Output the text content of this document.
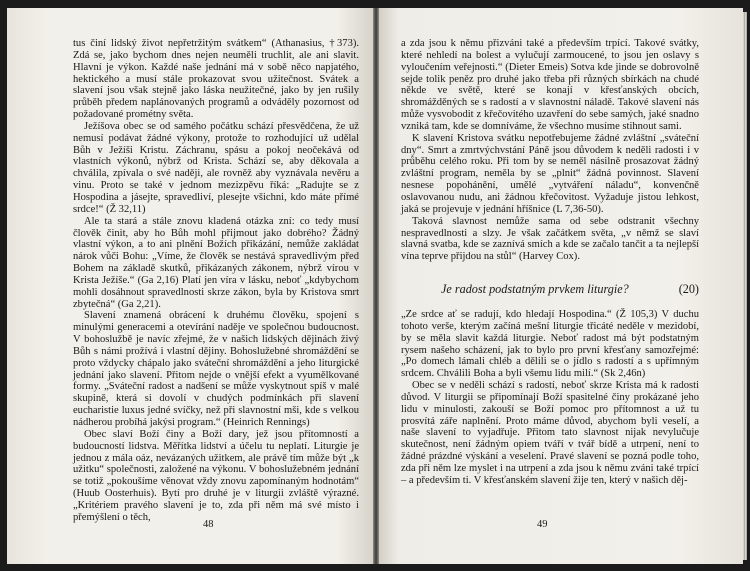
tus činí lidský život nepřetržitým svátkem“ (Athanasius, †373). Zdá se, jako bychom dnes nejen neuměli truchlit, ale ani slavit. Hlavní je výkon. Každé naše jednání má v sobě něco napjatého, hektického a musí stále prokazovat svou užitečnost. Svátek a slavení jsou však stejně jako láska neužitečné, jako by jen rušily průběh předem naplánovaných programů a odváděly pozornost od požadované prométny světa.

Ježíšova obec se od samého počátku schází přesvědčena, že už nemusí podávat žádné výkony, protože to rozhodující už udělal Bůh v Ježíši Kristu. Záchranu, spásu a pokoj neočekává od vlastních výkonů, nýbrž od Krista. Schází se, aby děkovala a chválila, zpívala o své naději, ale rovněž aby vyznávala nevěru a vinu. Proto se také v jednom mezizpěvu říká: „Radujte se z Hospodina a jásejte, spravedliví, plesejte všichni, kdo máte přímé srdce!“ (Ž 32,11)

Ale ta stará a stále znovu kladená otázka zní: co tedy musí člověk činit, aby ho Bůh mohl přijmout jako dobrého? Žádný vlastní výkon, a to ani plnění Božích přikázání, nemůže zakládat nárok vůči Bohu: „Víme, že člověk se nestává spravedlivým před Bohem na základě skutků, přikázaných zákonem, nýbrž vírou v Krista Ježíše.“ (Ga 2,16) Platí jen víra v lásku, neboť „kdybychom mohli dosáhnout spravedlnosti skrze zákon, byla by Kristova smrt zbytečná“ (Ga 2,21).

Slavení znamená obrácení k druhému člověku, spojení s minulými generacemi a otevírání naděje ve společnou budoucnost. V bohoslužbě je navíc zřejmé, že v našich lidských dějinách živý Bůh s námi prožívá i vlastní dějiny. Bohoslužebné shromáždění se proto vždycky chápalo jako sváteční shromáždění a jeho liturgické jednání jako slavení. Přitom nejde o vnější efekt a vyumělkované formy. „Sváteční radost a nadšení se může vyskytnout spíš v malé skupině, která si dovolí v chudých podmínkách při slavení eucharistie luxus jedné svíčky, než při slavnostní mši, kde s velkou nádherou probíhá jakýsi program.“ (Heinrich Rennings)

Obec slaví Boží činy a Boží dary, jež jsou přítomností a budoucností lidstva. Měřítka lidství a účelu tu neplatí. Liturgie je jednou z mála oáz, nevázaných užitkem, ale právě tím může být „k užitku“ společnosti, založené na výkonu. V bohoslužebném jednání se totiž „pokoušíme věnovat vždy znovu zapomínaným hodnotám“ (Huub Oosterhuis). Bytí pro druhé je v liturgii zvláště výrazné. „Kritériem pravého slavení je to, zda při něm má své místo i přemýšlení o těch,

48

a zda jsou k němu přizváni také a především trpící. Takové svátky, které nehledí na bolest a vylučují zarmoucené, to jsou jen oslavy s vyloučením veřejnosti.“ (Dieter Emeis) Sotva kde jinde se dobrovolně sejde tolik peněz pro druhé jako třeba při různých sbírkách na chudé někde ve světě, které se konají v křesťanských obcích, shromážděných se s radostí a v slavnostní náladě. Takové slavení nás může vysvobodit z křečovitého uzavření do sebe samých, jaké snadno vzniká tam, kde se domníváme, že všechno musíme stihnout sami.

K slavení Kristova svátku nepotřebujeme žádné zvláštní „sváteční dny“. Smrt a zmrtvýchvstání Páně jsou důvodem k neděli radosti i v průběhu celého roku. Při tom by se neměl násilně prosazovat žádný zvláštní program, neměla by se „plnit“ žádná povinnost. Slavení nesnese popohánění, umělé „vytváření náladu“, konvenčně oslavovanou nudu, ani žádnou křečovitost. Vyžaduje jistou lehkost, jaká se projevuje v jednání hříšnice (L 7,36-50).

Taková slavnost nemůže sama od sebe odstranit všechny nespravedlnosti a slzy. Je však začátkem světa, „v němž se slaví slavná svatba, kde se zaznívá smích a kde se začalo tančit a ta nejlepší vína teprve přijdou na stůl“ (Harvey Cox).

Je radost podstatným prvkem liturgie?	(20)

„Ze srdce ať se radují, kdo hledají Hospodina.“ (Ž 105,3) V duchu tohoto verše, kterým začíná mešní liturgie třicáté neděle v mezidobí, by se měla slavit každá liturgie. Neboť radost má být podstatným rysem našeho scházení, jak to bylo pro první křesťany samozřejmé: „Po domech lámali chléb a dělili se o jídlo s radostí a s upřímným srdcem. Chválili Boha a byli všemu lidu milí.“ (Sk 2,46n)

Obec se v neděli schází s radostí, neboť skrze Krista má k radosti důvod. V liturgii se připomínají Boží spasitelné činy prokázané jeho lidu v minulosti, zakouší se Boží pomoc pro přítomnost a už tu prosvítá záře naplnění. Proto máme důvod, abychom byli veselí, a naše slavení to vyjadřuje. Přitom tato slavnost nijak nevylučuje skutečnost, není žádným opiem tváří v tvář bídě a utrpení, není to žádné prázdné výskání a veselení. Pravé slavení se pozná podle toho, zda při něm lze myslet i na utrpení a zda jsou k němu zváni také trpící – a především ti. V křesťanském slavení žije ten, který v našich děj-

49
